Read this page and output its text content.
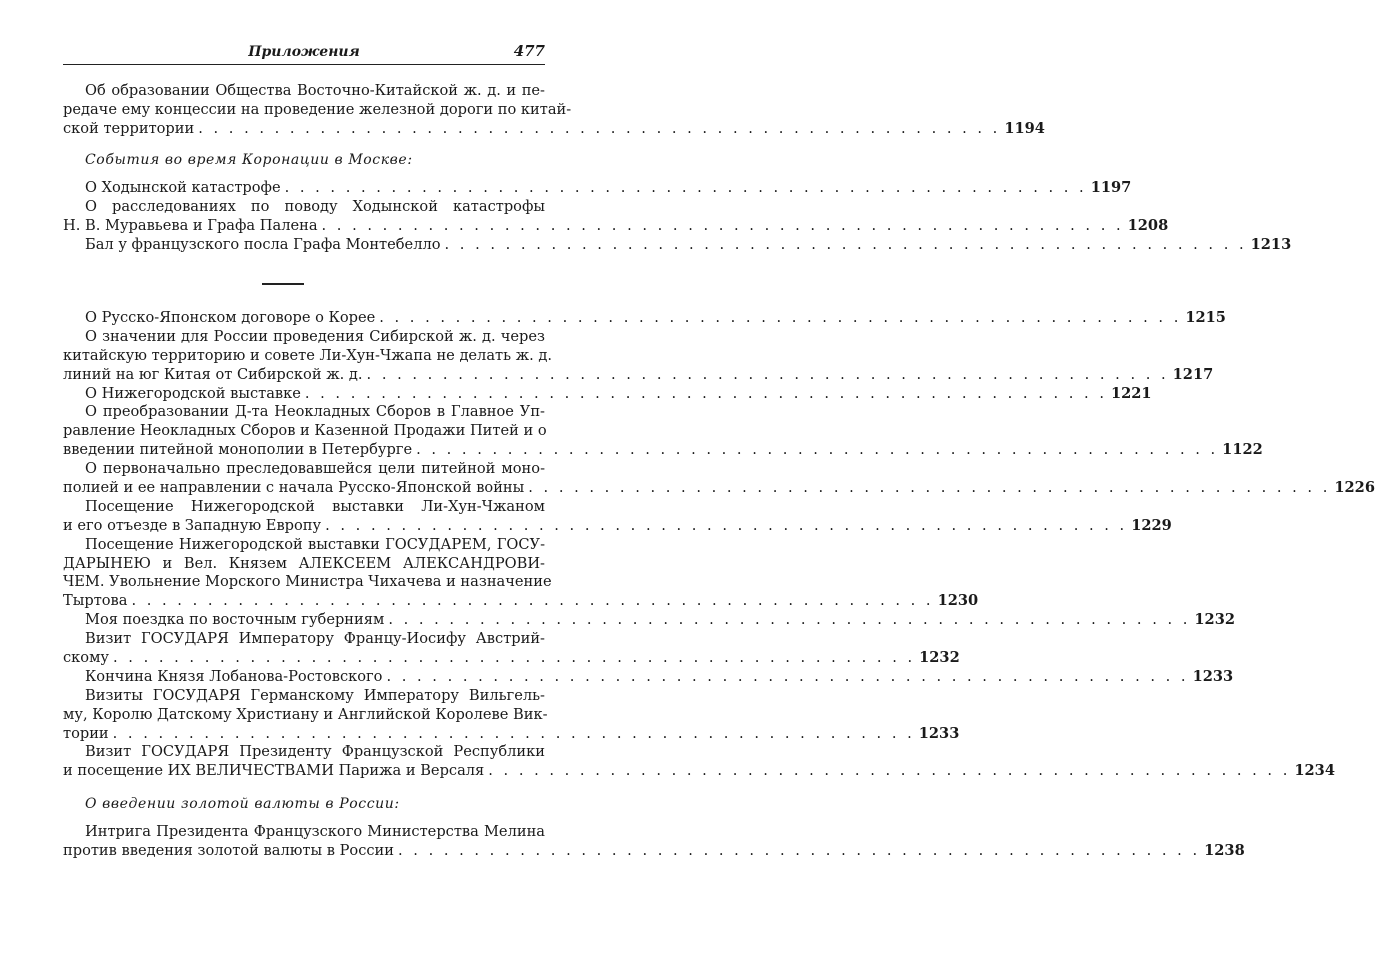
Приложения	477
Об образовании Общества Восточно-Китайской ж. д. и пе-
редаче ему концессии на проведение железной дороги по китай-
ской территории . . .	1194
События во время Коронации в Москве:
О Ходынской катастрофе . . .	1197
О расследованиях по поводу Ходынской катастрофы
Н. В. Муравьева и Графа Палена . . .	1208
Бал у французского посла Графа Монтебелло . . .	1213
О Русско-Японском договоре о Корее . . .	1215
О значении для России проведения Сибирской ж. д. через
китайскую территорию и совете Ли-Хун-Чжапа не делать ж. д.
линий на юг Китая от Сибирской ж. д. . . .	1217
О Нижегородской выставке . . .	1221
О преобразовании Д-та Неокладных Сборов в Главное Уп-
равление Неокладных Сборов и Казенной Продажи Питей и о
введении питейной монополии в Петербурге . . .	1122
О первоначально преследовавшейся цели питейной моно-
полией и ее направлении с начала Русско-Японской войны . . .	1226
Посещение Нижегородской выставки Ли-Хун-Чжаном
и его отъезде в Западную Европу . . .	1229
Посещение Нижегородской выставки ГОСУДАРЕМ, ГОСУ-
ДАРЫНЕЮ и Вел. Князем АЛЕКСЕЕМ АЛЕКСАНДРОВИ-
ЧЕМ. Увольнение Морского Министра Чихачева и назначение
Тыртова . . .	1230
Моя поездка по восточным губерниям . . .	1232
Визит ГОСУДАРЯ Императору Францу-Иосифу Австрий-
скому . . .	1232
Кончина Князя Лобанова-Ростовского . . .	1233
Визиты ГОСУДАРЯ Германскому Императору Вильгель-
му, Королю Датскому Христиану и Английской Королеве Вик-
тории . . .	1233
Визит ГОСУДАРЯ Президенту Французской Республики
и посещение ИХ ВЕЛИЧЕСТВАМИ Парижа и Версаля . . .	1234
О введении золотой валюты в России:
Интрига Президента Французского Министерства Мелина
против введения золотой валюты в России . . .	1238
